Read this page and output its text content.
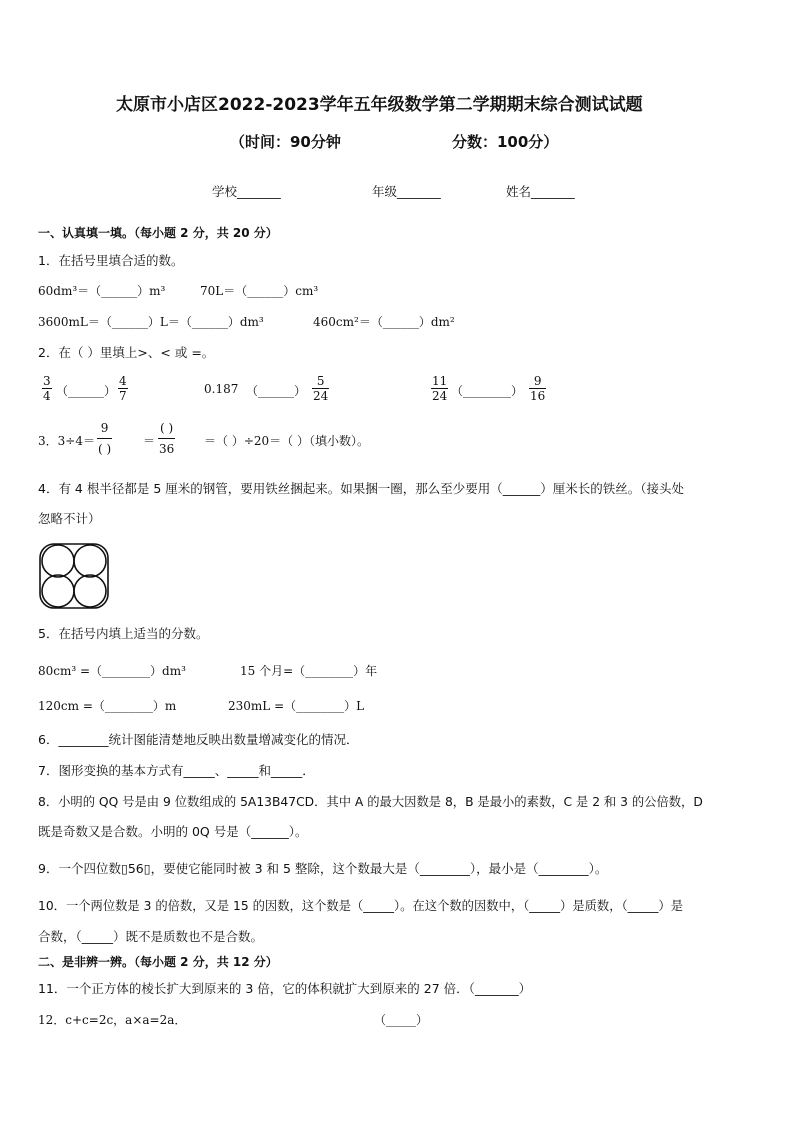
太原市小店区2022-2023学年五年级数学第二学期期末综合测试试题
（时间：90分钟	分数：100分）
学校_______	年级_______	姓名_______
一、认真填一填。（每小题 2 分，共 20 分）
1．在括号里填合适的数。
60dm³＝（______）m³	70L＝（______）cm³
3600mL＝（______）L＝（______）dm³	460cm²＝（______）dm²
2．在（ ）里填上>、< 或 =。
$\frac{3}{4}$ （______） $\frac{4}{7}$	0.187 （______） $\frac{5}{24}$	$\frac{11}{24}$ （________） $\frac{9}{16}$
3．3÷4＝
9
( )
＝
( )
36
＝（ ）÷20＝（ ）（填小数）。
4．有 4 根半径都是 5 厘米的钢管，要用铁丝捆起来。如果捆一圈，那么至少要用（______）厘米长的铁丝。（接头处
忽略不计）
5．在括号内填上适当的分数。
80cm³ =（________）dm³	15 个月=（________）年
120cm =（________）m	230mL =（________）L
6．________统计图能清楚地反映出数量增减变化的情况．
7．图形变换的基本方式有_____、_____和_____．
8．小明的 QQ 号是由 9 位数组成的 5A13B47CD．其中 A 的最大因数是 8，B 是最小的素数，C 是 2 和 3 的公倍数，D
既是奇数又是合数。小明的 0Q 号是（______）。
9．一个四位数▯56▯，要使它能同时被 3 和 5 整除，这个数最大是（________），最小是（________）。
10．一个两位数是 3 的倍数，又是 15 的因数，这个数是（_____）。在这个数的因数中，（_____）是质数，（_____）是
合数，（_____）既不是质数也不是合数。
二、是非辨一辨。（每小题 2 分，共 12 分）
11．一个正方体的棱长扩大到原来的 3 倍，它的体积就扩大到原来的 27 倍．（_______）
12．c+c=2c，a×a=2a．	（_____）
